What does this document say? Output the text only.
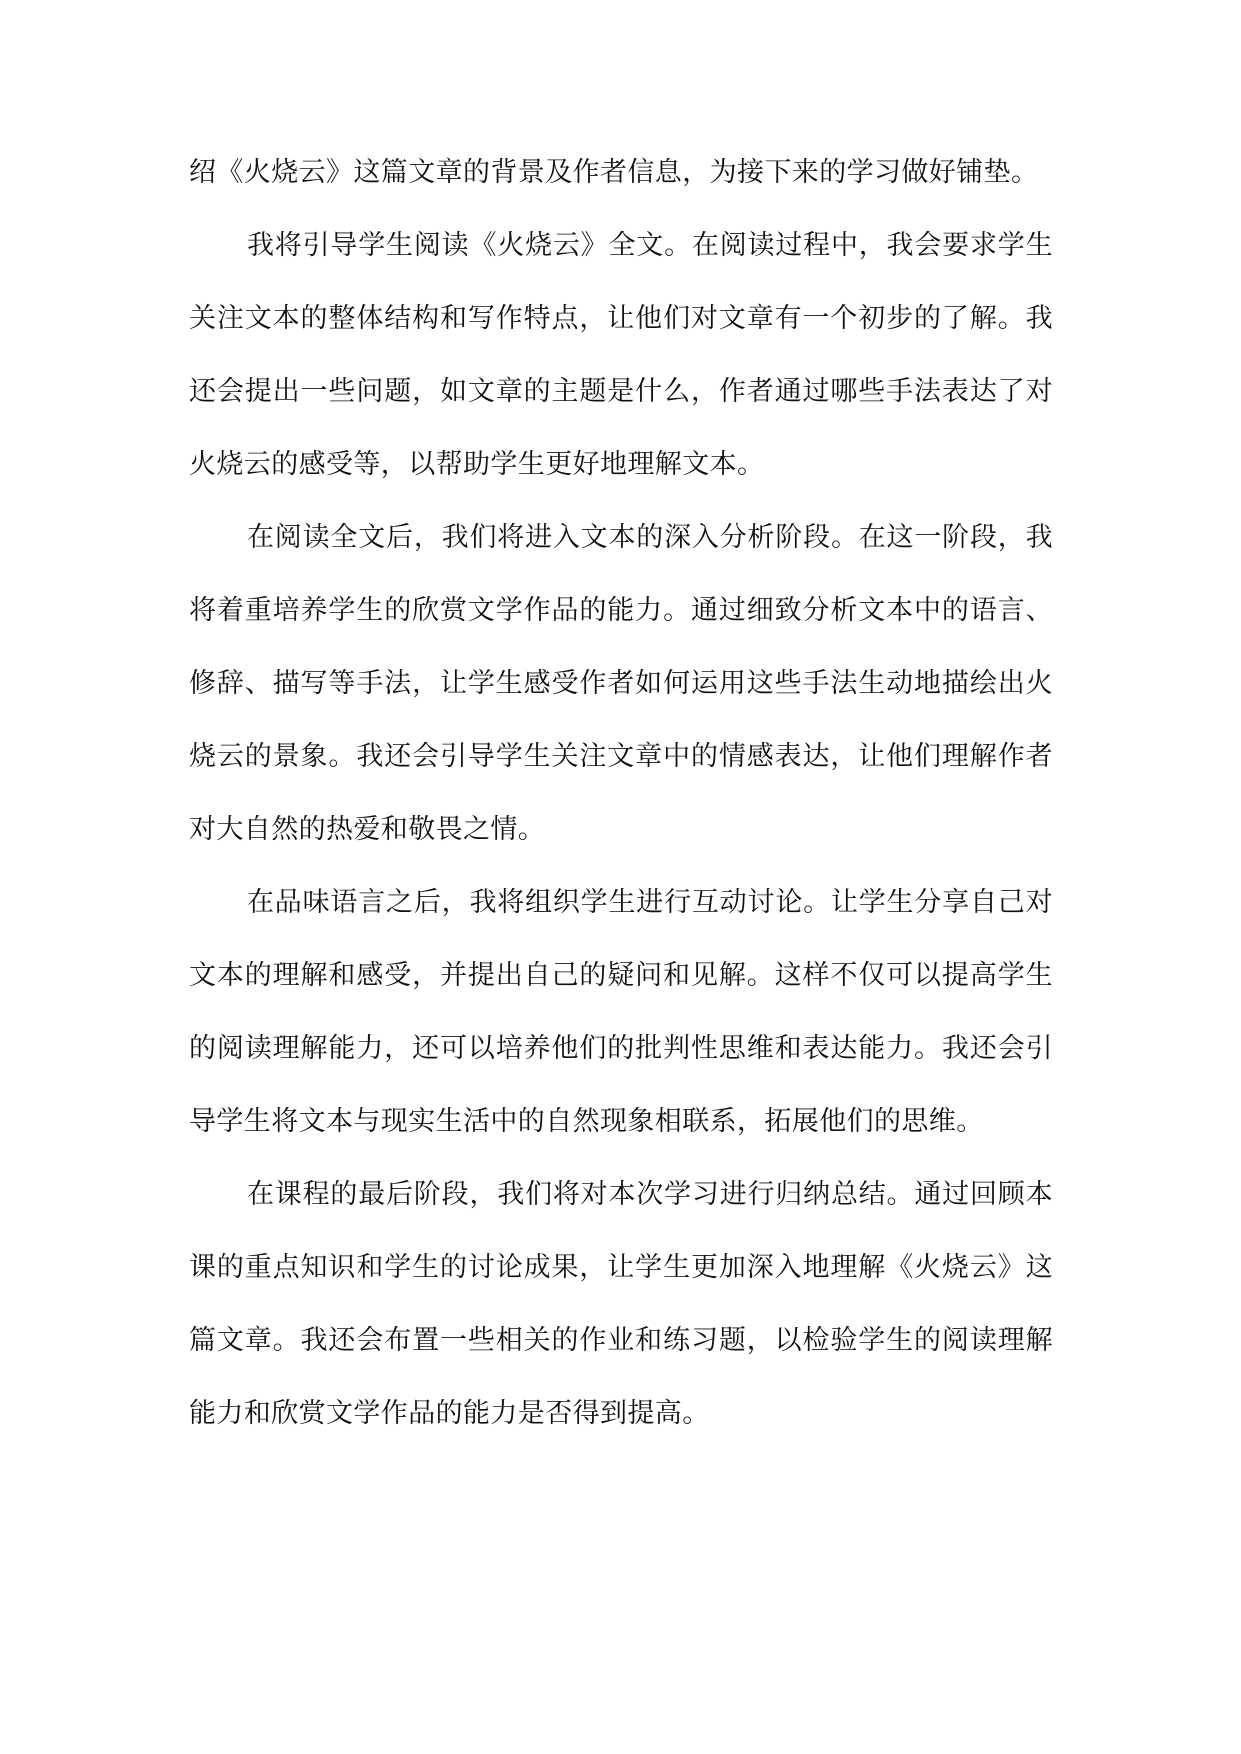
绍《火烧云》这篇文章的背景及作者信息，为接下来的学习做好铺垫。

我将引导学生阅读《火烧云》全文。在阅读过程中，我会要求学生关注文本的整体结构和写作特点，让他们对文章有一个初步的了解。我还会提出一些问题，如文章的主题是什么，作者通过哪些手法表达了对火烧云的感受等，以帮助学生更好地理解文本。

在阅读全文后，我们将进入文本的深入分析阶段。在这一阶段，我将着重培养学生的欣赏文学作品的能力。通过细致分析文本中的语言、修辞、描写等手法，让学生感受作者如何运用这些手法生动地描绘出火烧云的景象。我还会引导学生关注文章中的情感表达，让他们理解作者对大自然的热爱和敬畏之情。

在品味语言之后，我将组织学生进行互动讨论。让学生分享自己对文本的理解和感受，并提出自己的疑问和见解。这样不仅可以提高学生的阅读理解能力，还可以培养他们的批判性思维和表达能力。我还会引导学生将文本与现实生活中的自然现象相联系，拓展他们的思维。

在课程的最后阶段，我们将对本次学习进行归纳总结。通过回顾本课的重点知识和学生的讨论成果，让学生更加深入地理解《火烧云》这篇文章。我还会布置一些相关的作业和练习题，以检验学生的阅读理解能力和欣赏文学作品的能力是否得到提高。
